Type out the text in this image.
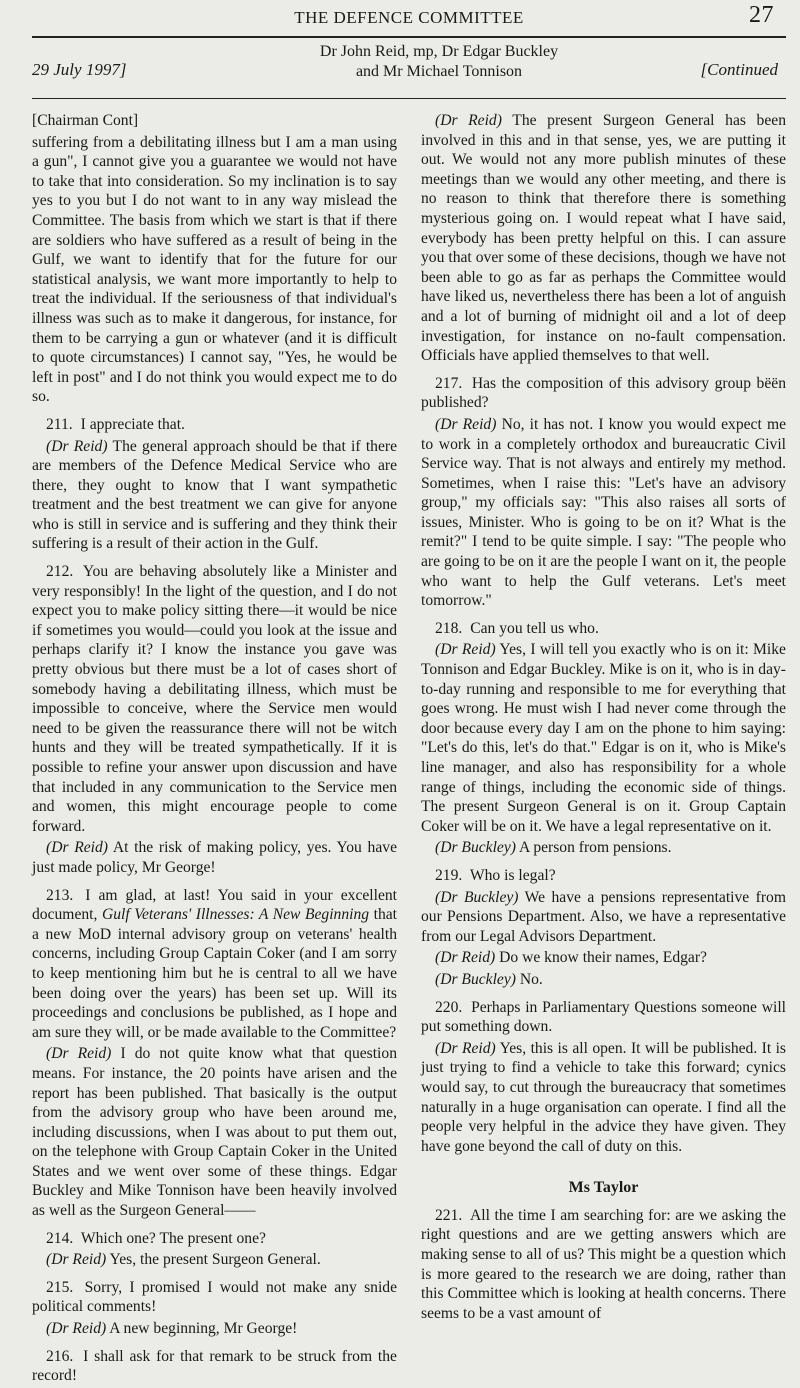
THE DEFENCE COMMITTEE	27
29 July 1997]
Dr John Reid, mp, Dr Edgar Buckley
and Mr Michael Tonnison	[Continued

[Chairman Cont]

suffering from a debilitating illness but I am a man using a gun", I cannot give you a guarantee we would not have to take that into consideration. So my inclination is to say yes to you but I do not want to in any way mislead the Committee. The basis from which we start is that if there are soldiers who have suffered as a result of being in the Gulf, we want to identify that for the future for our statistical analysis, we want more importantly to help to treat the individual. If the seriousness of that individual's illness was such as to make it dangerous, for instance, for them to be carrying a gun or whatever (and it is difficult to quote circumstances) I cannot say, "Yes, he would be left in post" and I do not think you would expect me to do so.

211. I appreciate that.

(Dr Reid) The general approach should be that if there are members of the Defence Medical Service who are there, they ought to know that I want sympathetic treatment and the best treatment we can give for anyone who is still in service and is suffering and they think their suffering is a result of their action in the Gulf.

212. You are behaving absolutely like a Minister and very responsibly! In the light of the question, and I do not expect you to make policy sitting there—it would be nice if sometimes you would—could you look at the issue and perhaps clarify it? I know the instance you gave was pretty obvious but there must be a lot of cases short of somebody having a debilitating illness, which must be impossible to conceive, where the Service men would need to be given the reassurance there will not be witch hunts and they will be treated sympathetically. If it is possible to refine your answer upon discussion and have that included in any communication to the Service men and women, this might encourage people to come forward.

(Dr Reid) At the risk of making policy, yes. You have just made policy, Mr George!

213. I am glad, at last! You said in your excellent document, Gulf Veterans' Illnesses: A New Beginning that a new MoD internal advisory group on veterans' health concerns, including Group Captain Coker (and I am sorry to keep mentioning him but he is central to all we have been doing over the years) has been set up. Will its proceedings and conclusions be published, as I hope and am sure they will, or be made available to the Committee?

(Dr Reid) I do not quite know what that question means. For instance, the 20 points have arisen and the report has been published. That basically is the output from the advisory group who have been around me, including discussions, when I was about to put them out, on the telephone with Group Captain Coker in the United States and we went over some of these things. Edgar Buckley and Mike Tonnison have been heavily involved as well as the Surgeon General——

214. Which one? The present one?

(Dr Reid) Yes, the present Surgeon General.

215. Sorry, I promised I would not make any snide political comments!

(Dr Reid) A new beginning, Mr George!

216. I shall ask for that remark to be struck from the record!

(Dr Reid) The present Surgeon General has been involved in this and in that sense, yes, we are putting it out. We would not any more publish minutes of these meetings than we would any other meeting, and there is no reason to think that therefore there is something mysterious going on. I would repeat what I have said, everybody has been pretty helpful on this. I can assure you that over some of these decisions, though we have not been able to go as far as perhaps the Committee would have liked us, nevertheless there has been a lot of anguish and a lot of burning of midnight oil and a lot of deep investigation, for instance on no-fault compensation. Officials have applied themselves to that well.

217. Has the composition of this advisory group bëën published?

(Dr Reid) No, it has not. I know you would expect me to work in a completely orthodox and bureaucratic Civil Service way. That is not always and entirely my method. Sometimes, when I raise this: "Let's have an advisory group," my officials say: "This also raises all sorts of issues, Minister. Who is going to be on it? What is the remit?" I tend to be quite simple. I say: "The people who are going to be on it are the people I want on it, the people who want to help the Gulf veterans. Let's meet tomorrow."

218. Can you tell us who.

(Dr Reid) Yes, I will tell you exactly who is on it: Mike Tonnison and Edgar Buckley. Mike is on it, who is in day-to-day running and responsible to me for everything that goes wrong. He must wish I had never come through the door because every day I am on the phone to him saying: "Let's do this, let's do that." Edgar is on it, who is Mike's line manager, and also has responsibility for a whole range of things, including the economic side of things. The present Surgeon General is on it. Group Captain Coker will be on it. We have a legal representative on it.

(Dr Buckley) A person from pensions.

219. Who is legal?

(Dr Buckley) We have a pensions representative from our Pensions Department. Also, we have a representative from our Legal Advisors Department.

(Dr Reid) Do we know their names, Edgar?

(Dr Buckley) No.

220. Perhaps in Parliamentary Questions someone will put something down.

(Dr Reid) Yes, this is all open. It will be published. It is just trying to find a vehicle to take this forward; cynics would say, to cut through the bureaucracy that sometimes naturally in a huge organisation can operate. I find all the people very helpful in the advice they have given. They have gone beyond the call of duty on this.

Ms Taylor

221. All the time I am searching for: are we asking the right questions and are we getting answers which are making sense to all of us? This might be a question which is more geared to the research we are doing, rather than this Committee which is looking at health concerns. There seems to be a vast amount of
